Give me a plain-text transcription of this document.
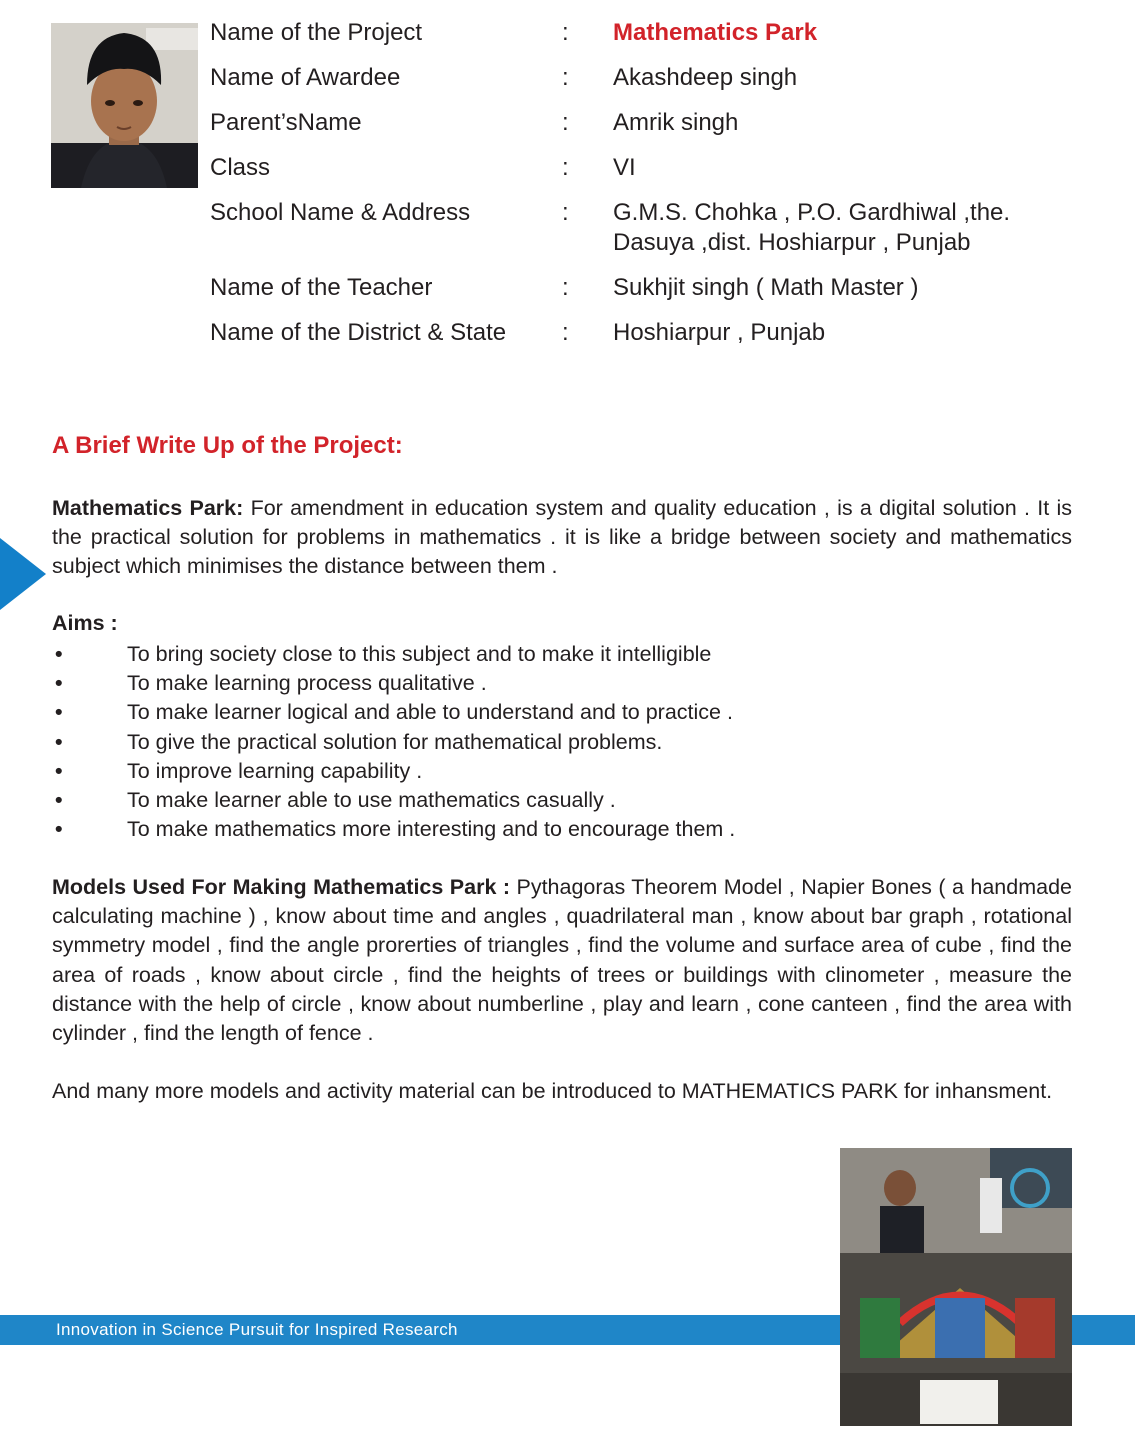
Name of the Project	: Mathematics Park
Name of Awardee	: Akashdeep singh
Parent’sName	: Amrik singh
Class	: VI
School Name & Address	: G.M.S. Chohka , P.O. Gardhiwal ,the.
Dasuya ,dist. Hoshiarpur , Punjab
Name of the Teacher	: Sukhjit singh ( Math Master )
Name of the District & State	: Hoshiarpur , Punjab
A Brief Write Up of the Project:

Mathematics Park: For amendment in education system and quality education , is a digital solution . It is the practical solution for problems in mathematics . it is like a bridge between society and mathematics subject which minimises the distance between them .

Aims :
•	To bring society close to this subject and to make it intelligible
•	To make learning process qualitative .
•	To make learner logical and able to understand and to practice .
•	To give the practical solution for mathematical problems.
•	To improve learning capability .
•	To make learner able to use mathematics casually .
•	To make mathematics more interesting and to encourage them .

Models Used For Making Mathematics Park : Pythagoras Theorem Model , Napier Bones ( a handmade calculating machine ) , know about time and angles , quadrilateral man , know about bar graph , rotational symmetry model , find the angle prorerties of triangles , find the volume and surface area of cube , find the area of roads , know about circle , find the heights of trees or buildings with clinometer , measure the distance with the help of circle , know about numberline , play and learn , cone canteen , find the area with cylinder , find the length of fence .

And many more models and activity material can be introduced to MATHEMATICS PARK for inhansment.

Innovation in Science Pursuit for Inspired Research
